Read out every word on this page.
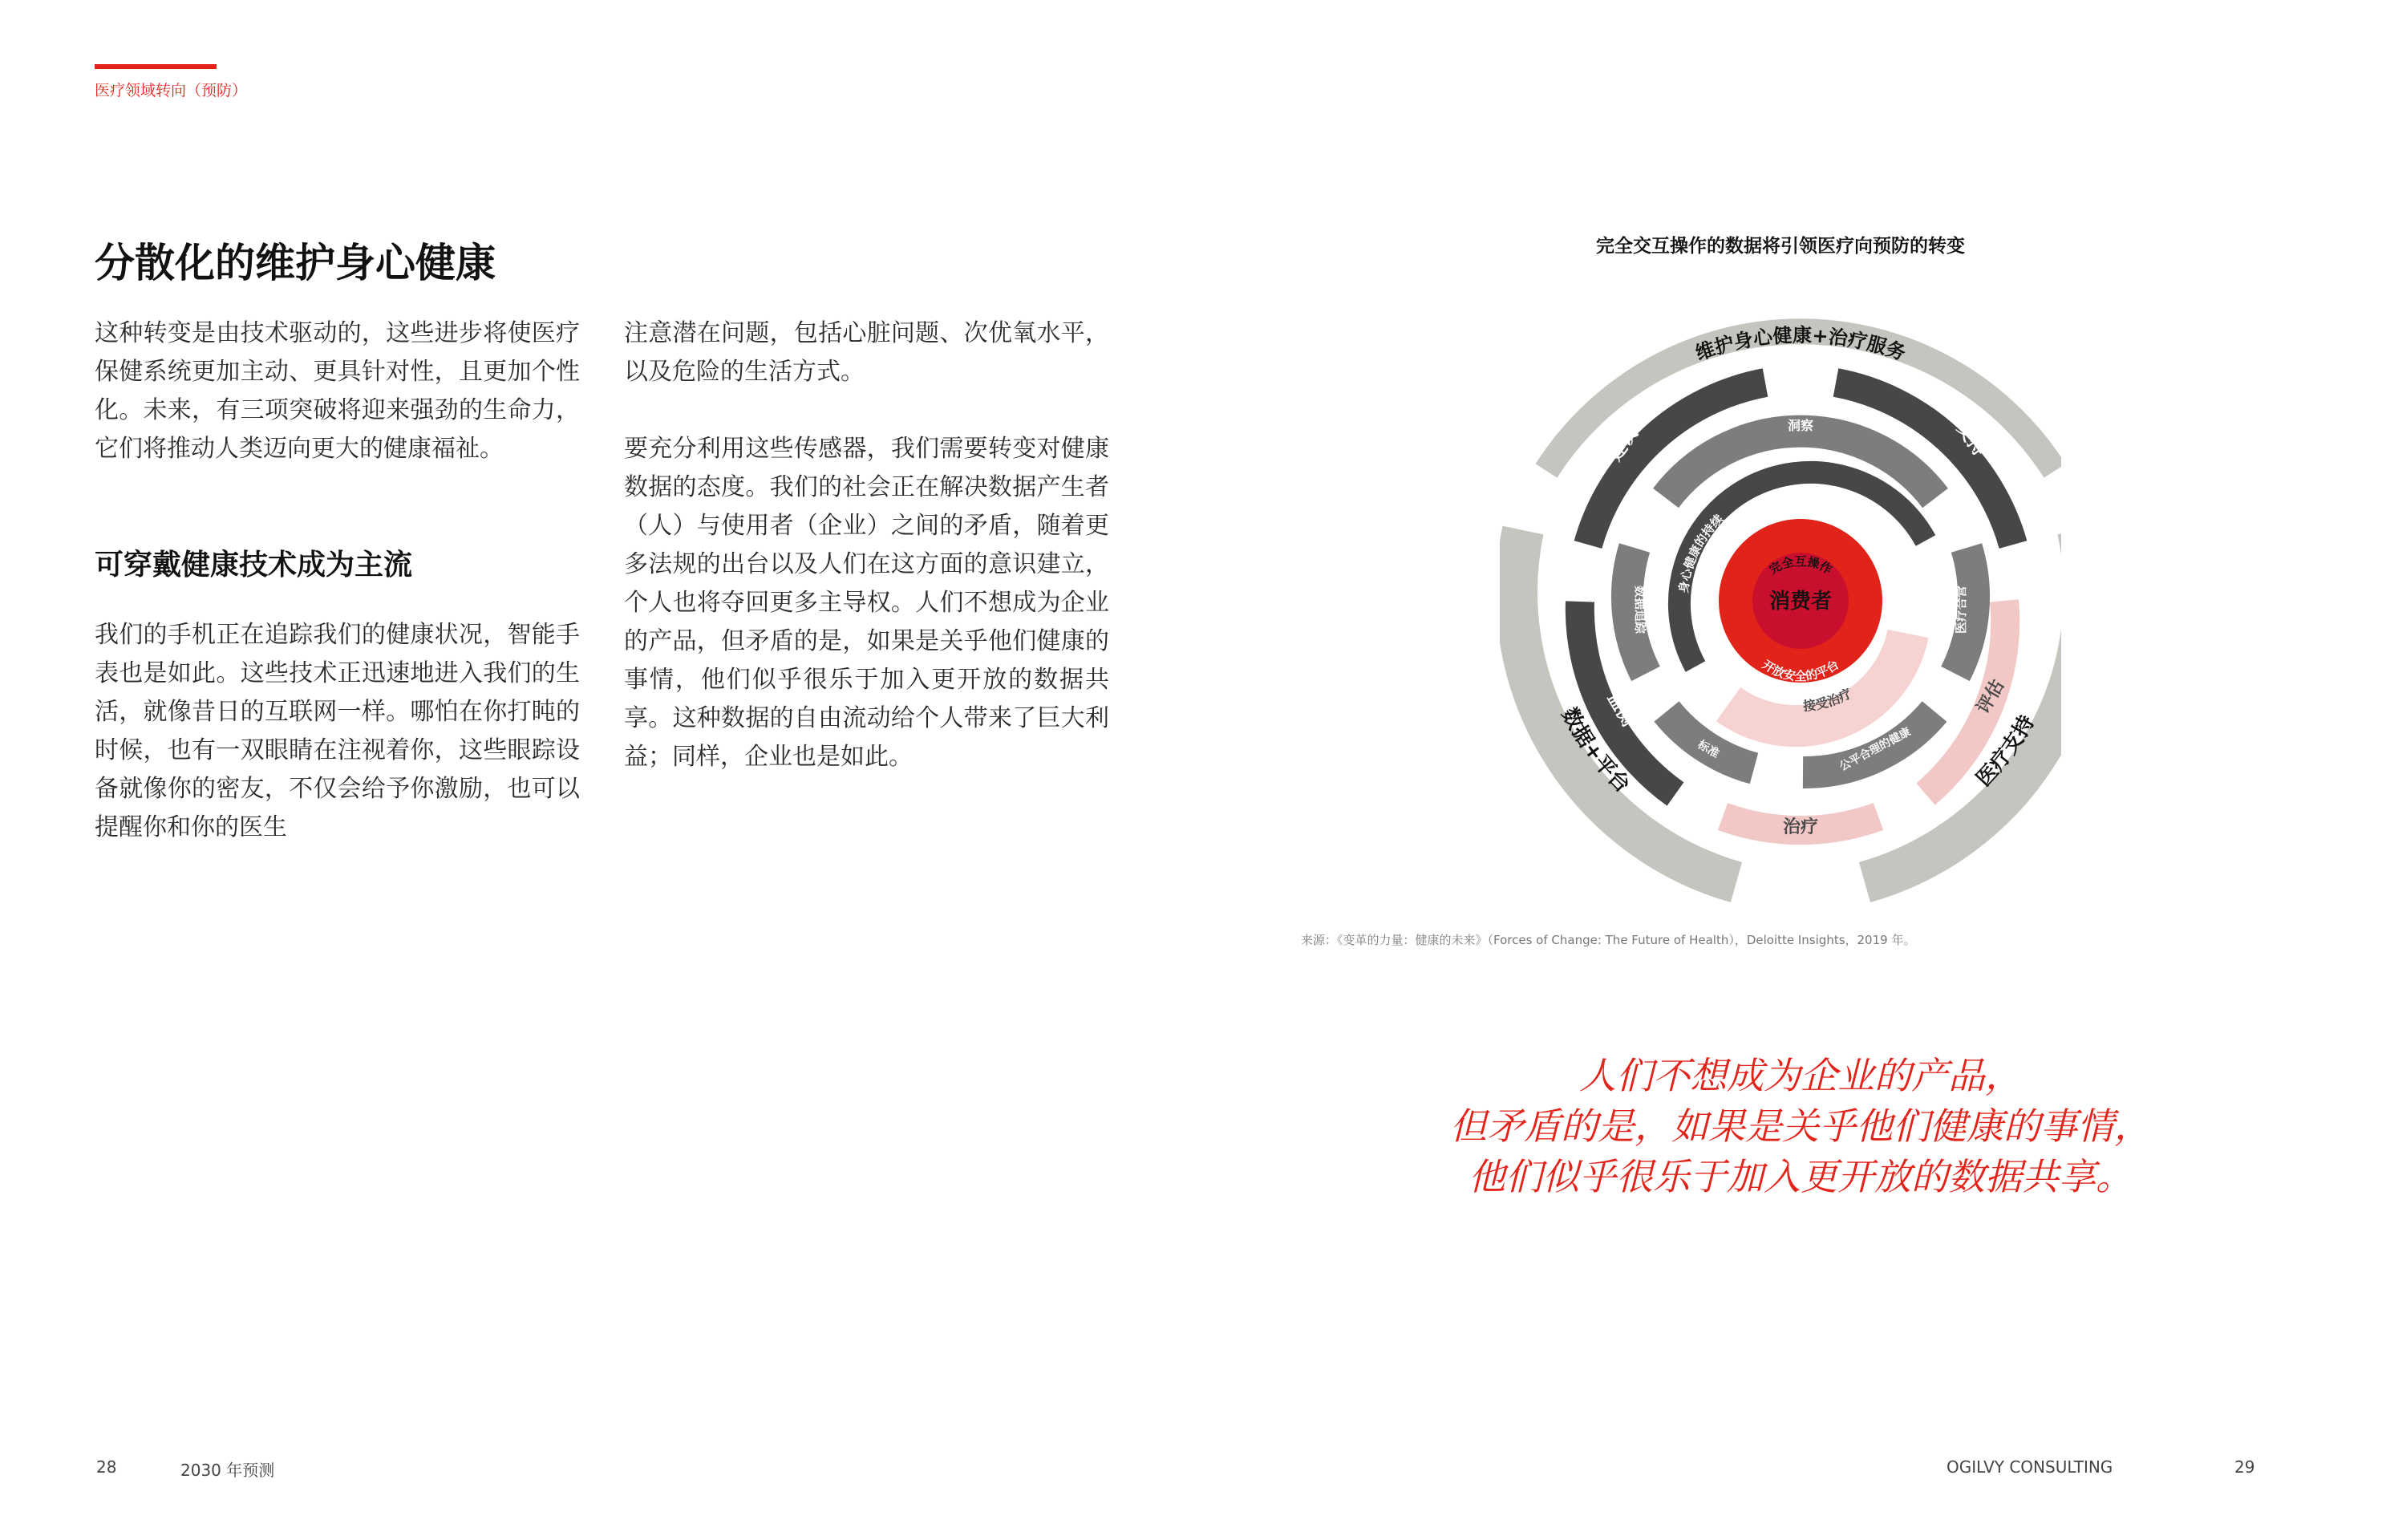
医疗领域转向（预防）
分散化的维护身心健康

这种转变是由技术驱动的，这些进步将使医疗保健系统更加主动、更具针对性，且更加个性化。未来，有三项突破将迎来强劲的生命力，它们将推动人类迈向更大的健康福祉。

可穿戴健康技术成为主流

我们的手机正在追踪我们的健康状况，智能手表也是如此。这些技术正迅速地进入我们的生活，就像昔日的互联网一样。哪怕在你打盹的时候，也有一双眼睛在注视着你，这些眼踪设备就像你的密友，不仅会给予你激励，也可以提醒你和你的医生

注意潜在问题，包括心脏问题、次优氧水平，以及危险的生活方式。

要充分利用这些传感器，我们需要转变对健康数据的态度。我们的社会正在解决数据产生者（人）与使用者（企业）之间的矛盾，随着更多法规的出台以及人们在这方面的意识建立，个人也将夺回更多主导权。人们不想成为企业的产品，但矛盾的是，如果是关乎他们健康的事情，他们似乎很乐于加入更开放的数据共享。这种数据的自由流动给个人带来了巨大利益；同样，企业也是如此。

完全交互操作的数据将引领医疗向预防的转变
维护身心健康+治疗服务
数据+平台	医疗支持
建议	支持
监测	评估
治疗
洞察
数据追踪	医疗合营
标准	公平合理的健康
身心健康的持续
接受治疗
消费者
完全互操作
开放安全的平台
来源：《变革的力量：健康的未来》（Forces of Change: The Future of Health），Deloitte Insights，2019 年。
人们不想成为企业的产品，
但矛盾的是，如果是关乎他们健康的事情，
他们似乎很乐于加入更开放的数据共享。
28	2030 年预测	OGILVY CONSULTING	29
